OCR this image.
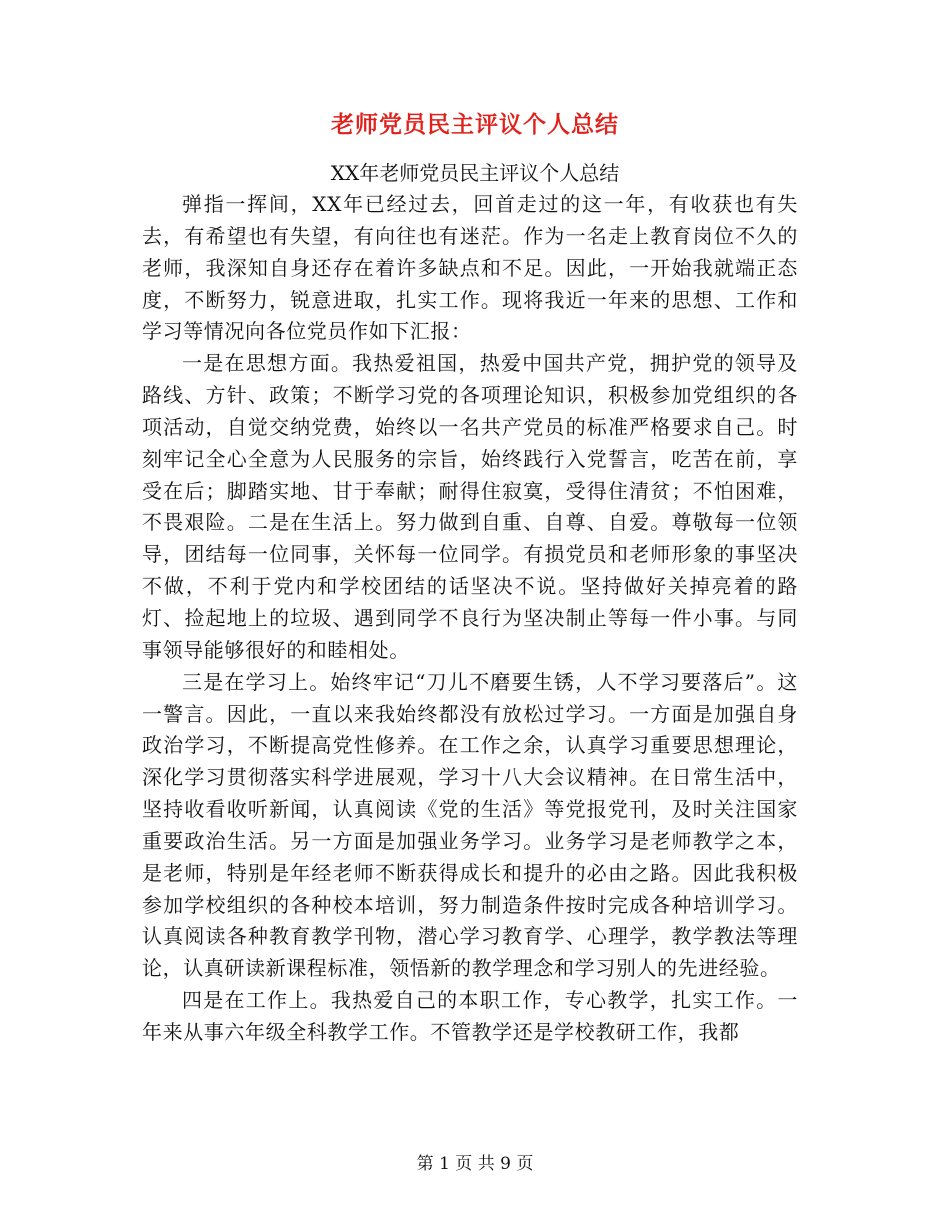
老师党员民主评议个人总结
XX年老师党员民主评议个人总结

弹指一挥间，XX年已经过去，回首走过的这一年，有收获也有失去，有希望也有失望，有向往也有迷茫。作为一名走上教育岗位不久的老师，我深知自身还存在着许多缺点和不足。因此，一开始我就端正态度，不断努力，锐意进取，扎实工作。现将我近一年来的思想、工作和学习等情况向各位党员作如下汇报：

一是在思想方面。我热爱祖国，热爱中国共产党，拥护党的领导及路线、方针、政策；不断学习党的各项理论知识，积极参加党组织的各项活动，自觉交纳党费，始终以一名共产党员的标准严格要求自己。时刻牢记全心全意为人民服务的宗旨，始终践行入党誓言，吃苦在前，享受在后；脚踏实地、甘于奉献；耐得住寂寞，受得住清贫；不怕困难，不畏艰险。二是在生活上。努力做到自重、自尊、自爱。尊敬每一位领导，团结每一位同事，关怀每一位同学。有损党员和老师形象的事坚决不做，不利于党内和学校团结的话坚决不说。坚持做好关掉亮着的路灯、捡起地上的垃圾、遇到同学不良行为坚决制止等每一件小事。与同事领导能够很好的和睦相处。

三是在学习上。始终牢记“刀儿不磨要生锈，人不学习要落后”。这一警言。因此，一直以来我始终都没有放松过学习。一方面是加强自身政治学习，不断提高党性修养。在工作之余，认真学习重要思想理论，深化学习贯彻落实科学进展观，学习十八大会议精神。在日常生活中，坚持收看收听新闻，认真阅读《党的生活》等党报党刊，及时关注国家重要政治生活。另一方面是加强业务学习。业务学习是老师教学之本，是老师，特别是年经老师不断获得成长和提升的必由之路。因此我积极参加学校组织的各种校本培训，努力制造条件按时完成各种培训学习。认真阅读各种教育教学刊物，潜心学习教育学、心理学，教学教法等理论，认真研读新课程标准，领悟新的教学理念和学习别人的先进经验。

四是在工作上。我热爱自己的本职工作，专心教学，扎实工作。一年来从事六年级全科教学工作。不管教学还是学校教研工作，我都

第 1 页 共 9 页
